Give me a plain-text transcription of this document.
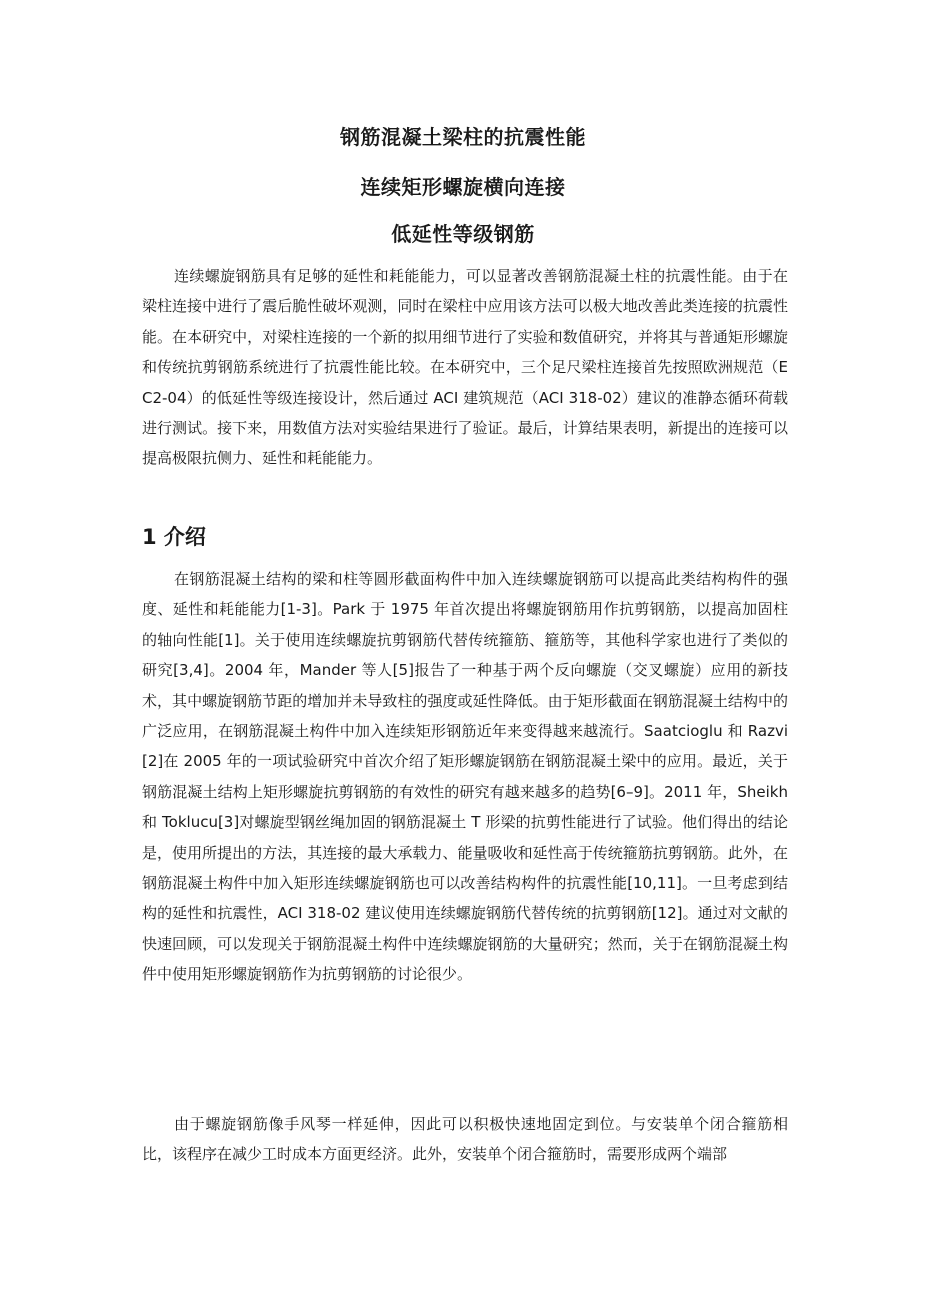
钢筋混凝土梁柱的抗震性能
连续矩形螺旋横向连接
低延性等级钢筋

连续螺旋钢筋具有足够的延性和耗能能力，可以显著改善钢筋混凝土柱的抗震性能。由于在梁柱连接中进行了震后脆性破坏观测，同时在梁柱中应用该方法可以极大地改善此类连接的抗震性能。在本研究中，对梁柱连接的一个新的拟用细节进行了实验和数值研究，并将其与普通矩形螺旋和传统抗剪钢筋系统进行了抗震性能比较。在本研究中，三个足尺梁柱连接首先按照欧洲规范（EC2-04）的低延性等级连接设计，然后通过 ACI 建筑规范（ACI 318-02）建议的准静态循环荷载进行测试。接下来，用数值方法对实验结果进行了验证。最后，计算结果表明，新提出的连接可以提高极限抗侧力、延性和耗能能力。

1 介绍

在钢筋混凝土结构的梁和柱等圆形截面构件中加入连续螺旋钢筋可以提高此类结构构件的强度、延性和耗能能力[1-3]。Park 于 1975 年首次提出将螺旋钢筋用作抗剪钢筋，以提高加固柱的轴向性能[1]。关于使用连续螺旋抗剪钢筋代替传统箍筋、箍筋等，其他科学家也进行了类似的研究[3,4]。2004 年，Mander 等人[5]报告了一种基于两个反向螺旋（交叉螺旋）应用的新技术，其中螺旋钢筋节距的增加并未导致柱的强度或延性降低。由于矩形截面在钢筋混凝土结构中的广泛应用，在钢筋混凝土构件中加入连续矩形钢筋近年来变得越来越流行。Saatcioglu 和 Razvi[2]在 2005 年的一项试验研究中首次介绍了矩形螺旋钢筋在钢筋混凝土梁中的应用。最近，关于钢筋混凝土结构上矩形螺旋抗剪钢筋的有效性的研究有越来越多的趋势[6–9]。2011 年，Sheikh 和 Toklucu[3]对螺旋型钢丝绳加固的钢筋混凝土 T 形梁的抗剪性能进行了试验。他们得出的结论是，使用所提出的方法，其连接的最大承载力、能量吸收和延性高于传统箍筋抗剪钢筋。此外，在钢筋混凝土构件中加入矩形连续螺旋钢筋也可以改善结构构件的抗震性能[10,11]。一旦考虑到结构的延性和抗震性，ACI 318-02 建议使用连续螺旋钢筋代替传统的抗剪钢筋[12]。通过对文献的快速回顾，可以发现关于钢筋混凝土构件中连续螺旋钢筋的大量研究；然而，关于在钢筋混凝土构件中使用矩形螺旋钢筋作为抗剪钢筋的讨论很少。

由于螺旋钢筋像手风琴一样延伸，因此可以积极快速地固定到位。与安装单个闭合箍筋相比，该程序在减少工时成本方面更经济。此外，安装单个闭合箍筋时，需要形成两个端部
